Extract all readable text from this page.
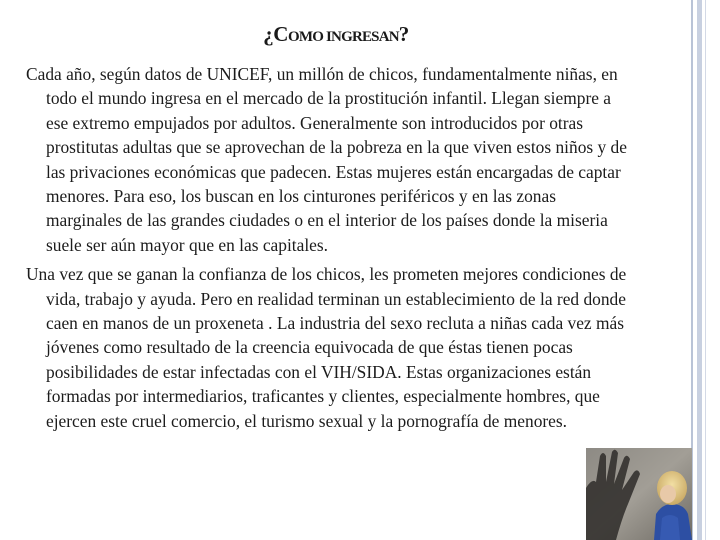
¿COMO INGRESAN?

Cada año, según datos de UNICEF, un millón de chicos, fundamentalmente niñas, en todo el mundo ingresa en el mercado de la prostitución infantil. Llegan siempre a ese extremo empujados por adultos. Generalmente son introducidos por otras prostitutas adultas que se aprovechan de la pobreza en la que viven estos niños y de las privaciones económicas que padecen. Estas mujeres están encargadas de captar menores. Para eso, los buscan en los cinturones periféricos y en las zonas marginales de las grandes ciudades o en el interior de los países donde la miseria suele ser aún mayor que en las capitales.

Una vez que se ganan la confianza de los chicos, les prometen mejores condiciones de vida, trabajo y ayuda. Pero en realidad terminan un establecimiento de la red donde caen en manos de un proxeneta . La industria del sexo recluta a niñas cada vez más jóvenes como resultado de la creencia equivocada de que éstas tienen pocas posibilidades de estar infectadas con el VIH/SIDA. Estas organizaciones están formadas por intermediarios, traficantes y clientes, especialmente hombres, que ejercen este cruel comercio, el turismo sexual y la pornografía de menores.
